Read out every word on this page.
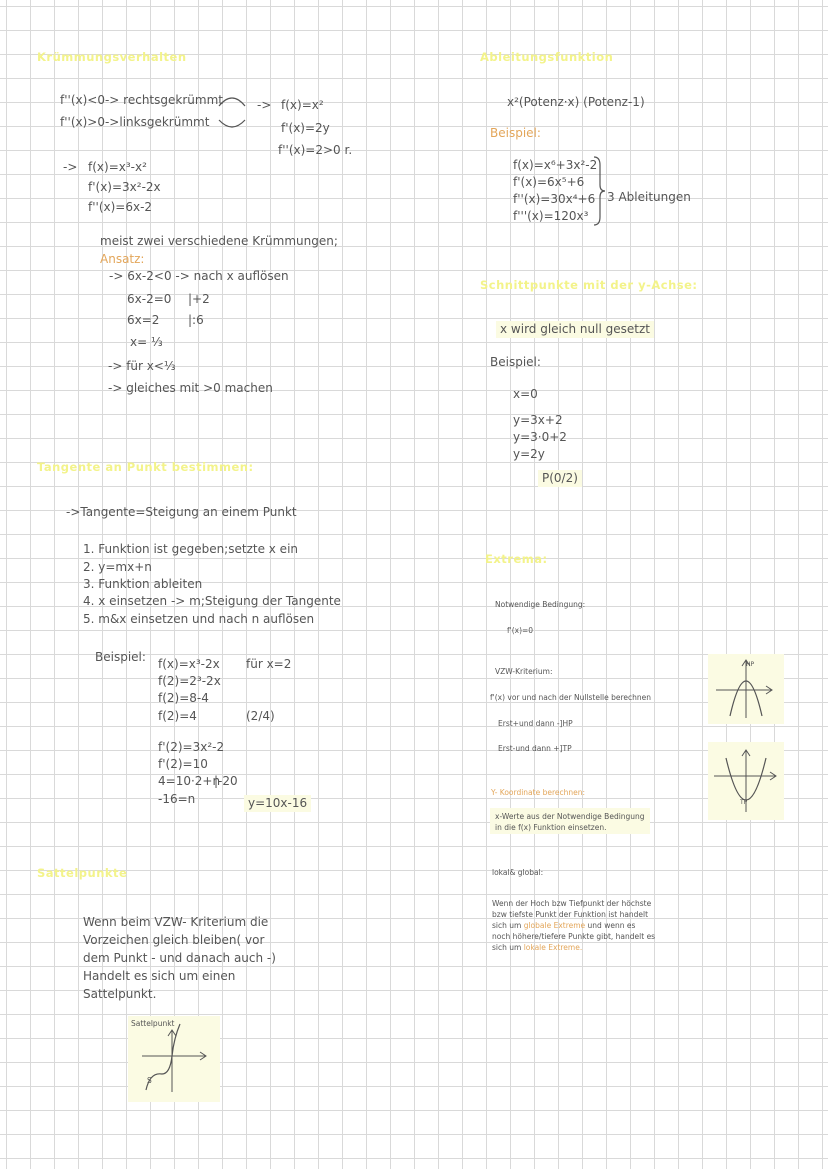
Krümmungsverhalten
f''(x)<0-> rechtsgekrümmt
f''(x)>0->linksgekrümmt
-> f(x)=x²
f'(x)=2y
f''(x)=2>0 r.
-> f(x)=x³-x²
f'(x)=3x²-2x
f''(x)=6x-2
meist zwei verschiedene Krümmungen;
Ansatz:
-> 6x-2<0 -> nach x auflösen
6x-2=0 |+2
6x=2 |:6
x= ⅓
-> für x<⅓
-> gleiches mit >0 machen
Tangente an Punkt bestimmen:
->Tangente=Steigung an einem Punkt
1. Funktion ist gegeben;setzte x ein
2. y=mx+n
3. Funktion ableiten
4. x einsetzen -> m;Steigung der Tangente
5. m&x einsetzen und nach n auflösen
Beispiel: f(x)=x³-2x für x=2
f(2)=2³-2x
f(2)=8-4
f(2)=4	(2/4)
f'(2)=3x²-2
f'(2)=10
4=10·2+n
|-20
-16=n	y=10x-16
Sattelpunkte
Wenn beim VZW- Kriterium die
Vorzeichen gleich bleiben( vor
dem Punkt - und danach auch -)
Handelt es sich um einen
Sattelpunkt.
Sattelpunkt
S
Ableitungsfunktion
x²(Potenz·x) (Potenz-1)
Beispiel:
f(x)=x⁶+3x²-2
f'(x)=6x⁵+6
f''(x)=30x⁴+6
f'''(x)=120x³
3 Ableitungen
Schnittpunkte mit der y-Achse:
x wird gleich null gesetzt
Beispiel:
x=0
y=3x+2
y=3·0+2
y=2y
P(0/2)
Extrema:
Notwendige Bedingung:
f'(x)=0
VZW-Kriterium:
f'(x) vor und nach der Nullstelle berechnen
Erst+und dann -]HP
Erst-und dann +]TP
HP
TP
Y- Koordinate berechnen:
x-Werte aus der Notwendige Bedingung
in die f(x) Funktion einsetzen.
lokal& global:
Wenn der Hoch bzw Tiefpunkt der höchste
bzw tiefste Punkt der Funktion ist handelt
sich um globale Extreme und wenn es
noch höhere/tiefere Punkte gibt, handelt es
sich um lokale Extreme.
